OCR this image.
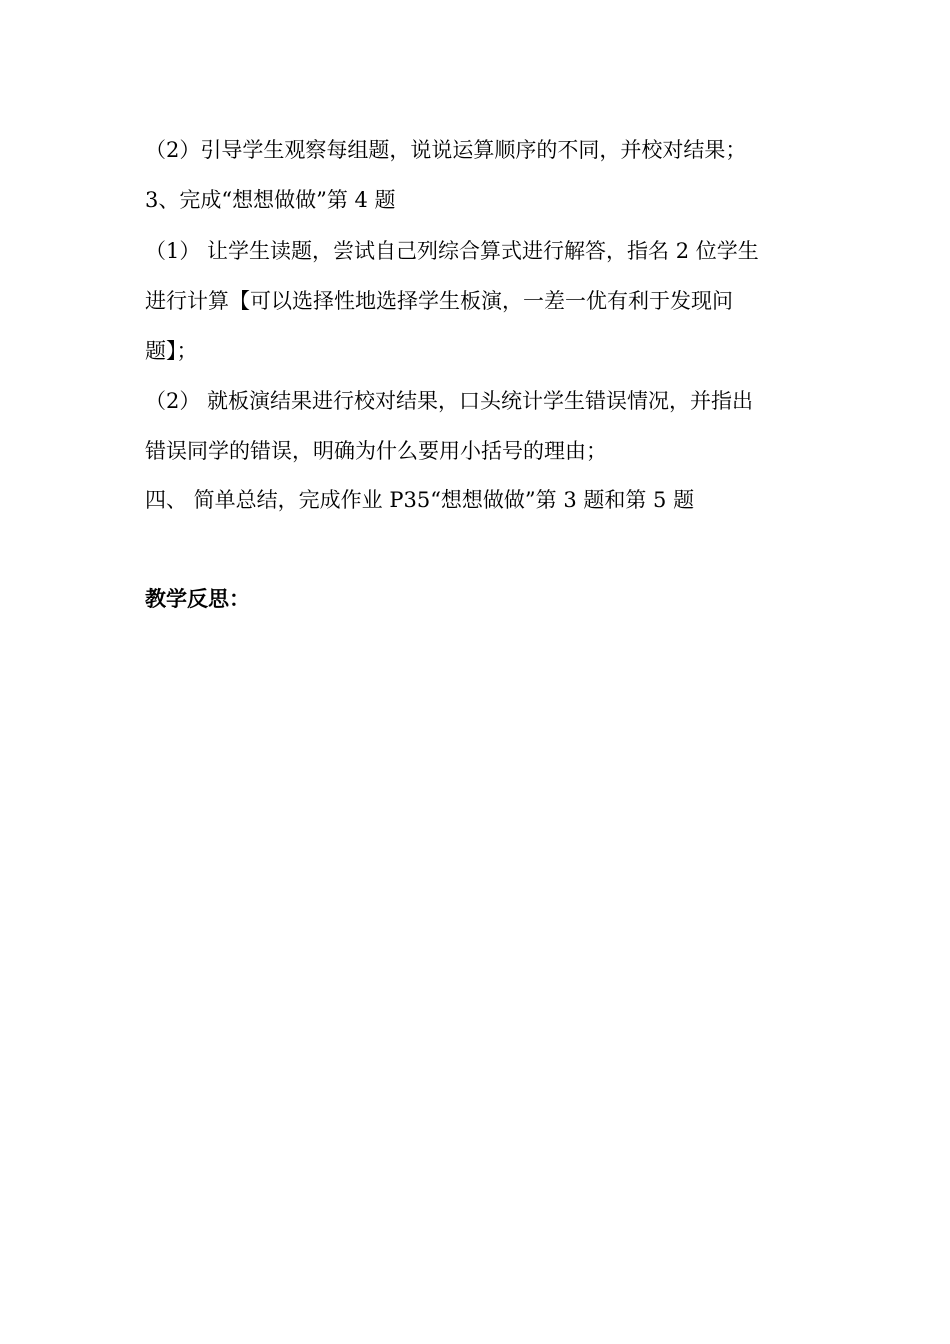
（2）引导学生观察每组题，说说运算顺序的不同，并校对结果；
3、完成“想想做做”第 4 题
（1） 让学生读题，尝试自己列综合算式进行解答，指名 2 位学生
进行计算【可以选择性地选择学生板演，一差一优有利于发现问
题】；
（2） 就板演结果进行校对结果，口头统计学生错误情况，并指出
错误同学的错误，明确为什么要用小括号的理由；
四、 简单总结，完成作业 P35“想想做做”第 3 题和第 5 题
教学反思：
